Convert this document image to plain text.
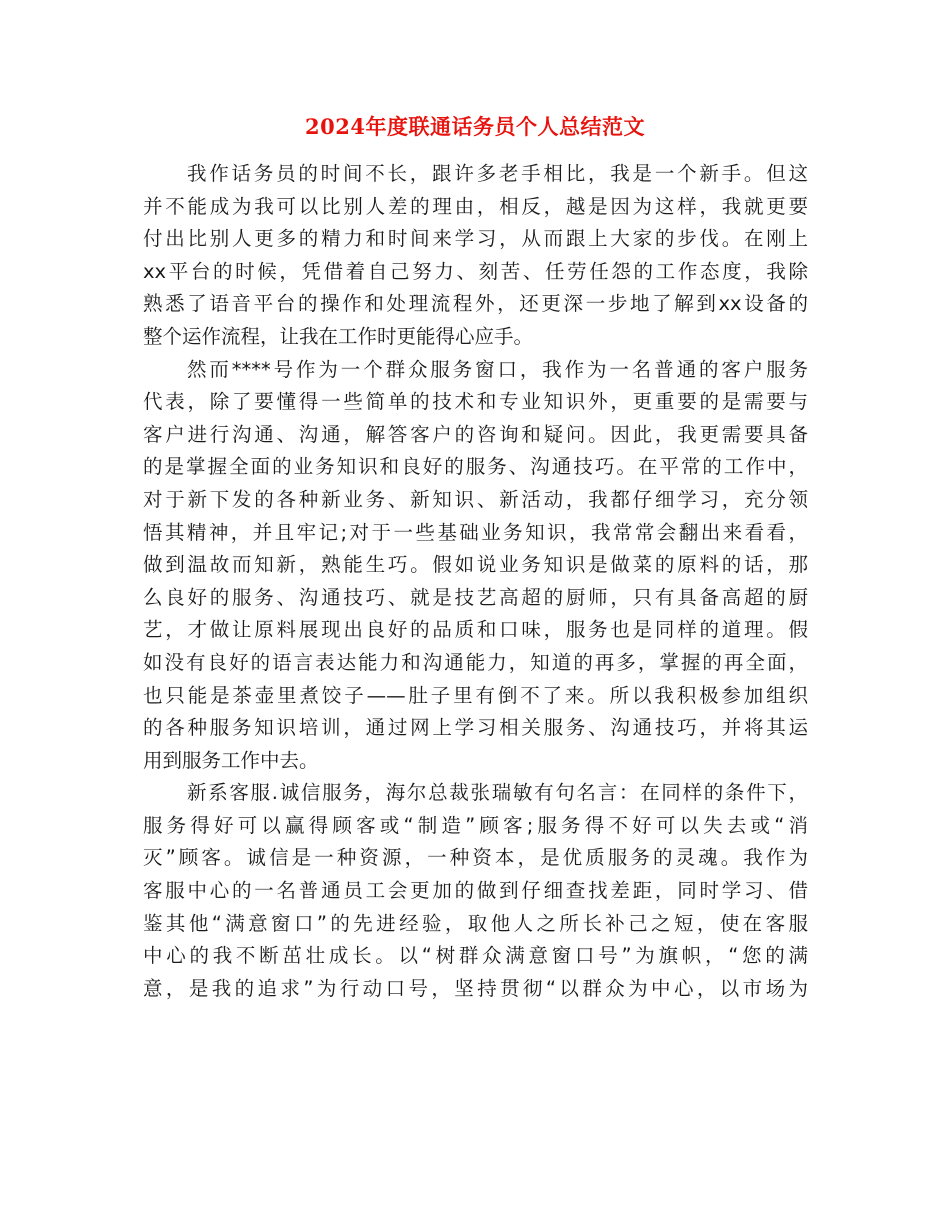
2024年度联通话务员个人总结范文
我作话务员的时间不长，跟许多老手相比，我是一个新手。但这
并不能成为我可以比别人差的理由，相反，越是因为这样，我就更要
付出比别人更多的精力和时间来学习，从而跟上大家的步伐。在刚上
xx平台的时候，凭借着自己努力、刻苦、任劳任怨的工作态度，我除
熟悉了语音平台的操作和处理流程外，还更深一步地了解到xx设备的
整个运作流程，让我在工作时更能得心应手。
然而****号作为一个群众服务窗口，我作为一名普通的客户服务
代表，除了要懂得一些简单的技术和专业知识外，更重要的是需要与
客户进行沟通、沟通，解答客户的咨询和疑问。因此，我更需要具备
的是掌握全面的业务知识和良好的服务、沟通技巧。在平常的工作中，
对于新下发的各种新业务、新知识、新活动，我都仔细学习，充分领
悟其精神，并且牢记;对于一些基础业务知识，我常常会翻出来看看，
做到温故而知新，熟能生巧。假如说业务知识是做菜的原料的话，那
么良好的服务、沟通技巧、就是技艺高超的厨师，只有具备高超的厨
艺，才做让原料展现出良好的品质和口味，服务也是同样的道理。假
如没有良好的语言表达能力和沟通能力，知道的再多，掌握的再全面，
也只能是茶壶里煮饺子——肚子里有倒不了来。所以我积极参加组织
的各种服务知识培训，通过网上学习相关服务、沟通技巧，并将其运
用到服务工作中去。
新系客服.诚信服务，海尔总裁张瑞敏有句名言：在同样的条件下，
服务得好可以赢得顾客或“制造”顾客;服务得不好可以失去或“消
灭”顾客。诚信是一种资源，一种资本，是优质服务的灵魂。我作为
客服中心的一名普通员工会更加的做到仔细查找差距，同时学习、借
鉴其他“满意窗口”的先进经验，取他人之所长补己之短，使在客服
中心的我不断茁壮成长。以“树群众满意窗口号”为旗帜，“您的满
意，是我的追求”为行动口号，坚持贯彻“以群众为中心，以市场为
